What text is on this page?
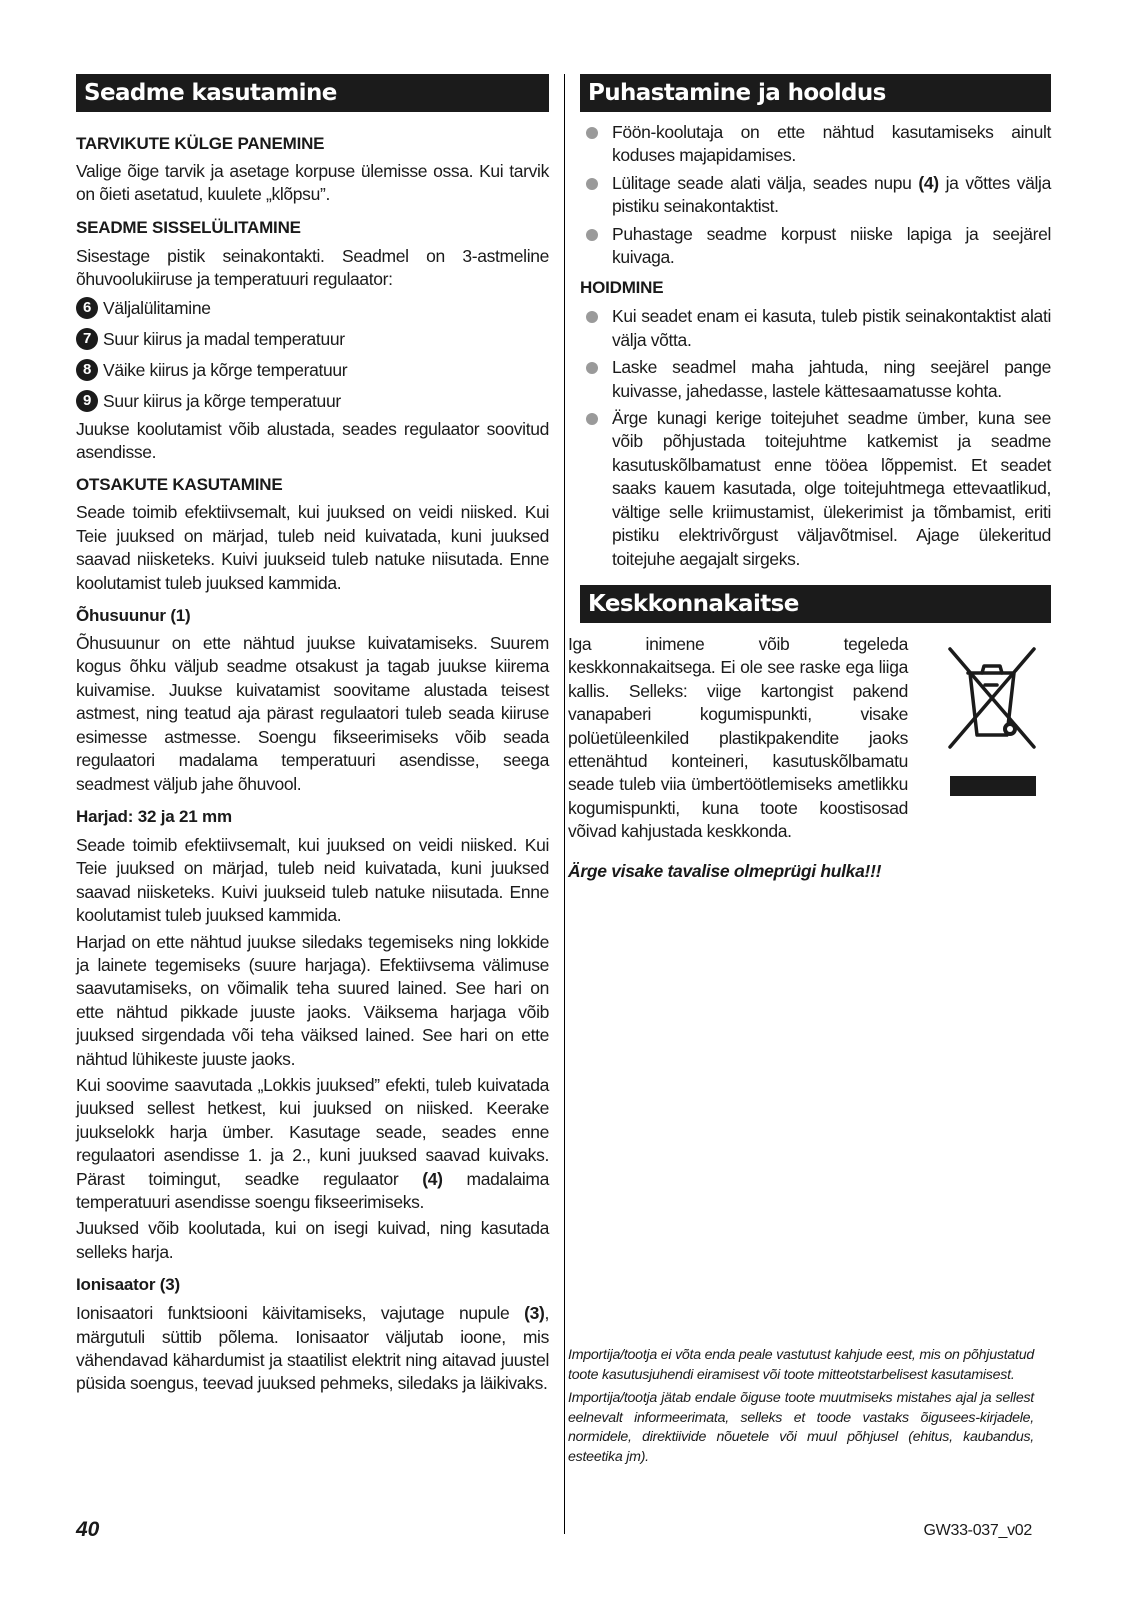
Seadme kasutamine
TARVIKUTE KÜLGE PANEMINE

Valige õige tarvik ja asetage korpuse ülemisse ossa. Kui tarvik on õieti asetatud, kuulete „klõpsu”.

SEADME SISSELÜLITAMINE

Sisestage pistik seinakontakti. Seadmel on 3-astmeline õhuvoolukiiruse ja temperatuuri regulaator:

6 Väljalülitamine
7 Suur kiirus ja madal temperatuur
8 Väike kiirus ja kõrge temperatuur
9 Suur kiirus ja kõrge temperatuur

Juukse koolutamist võib alustada, seades regulaator soovitud asendisse.

OTSAKUTE KASUTAMINE

Seade toimib efektiivsemalt, kui juuksed on veidi niisked. Kui Teie juuksed on märjad, tuleb neid kuivatada, kuni juuksed saavad niisketeks. Kuivi juukseid tuleb natuke niisutada. Enne koolutamist tuleb juuksed kammida.

Õhusuunur (1)

Õhusuunur on ette nähtud juukse kuivatamiseks. Suurem kogus õhku väljub seadme otsakust ja tagab juukse kiirema kuivamise. Juukse kuivatamist soovitame alustada teisest astmest, ning teatud aja pärast regulaatori tuleb seada kiiruse esimesse astmesse. Soengu fikseerimiseks võib seada regulaatori madalama temperatuuri asendisse, seega seadmest väljub jahe õhuvool.

Harjad: 32 ja 21 mm

Seade toimib efektiivsemalt, kui juuksed on veidi niisked. Kui Teie juuksed on märjad, tuleb neid kuivatada, kuni juuksed saavad niisketeks. Kuivi juukseid tuleb natuke niisutada. Enne koolutamist tuleb juuksed kammida.

Harjad on ette nähtud juukse siledaks tegemiseks ning lokkide ja lainete tegemiseks (suure harjaga). Efektiivsema välimuse saavutamiseks, on võimalik teha suured lained. See hari on ette nähtud pikkade juuste jaoks. Väiksema harjaga võib juuksed sirgendada või teha väiksed lained. See hari on ette nähtud lühikeste juuste jaoks.

Kui soovime saavutada „Lokkis juuksed” efekti, tuleb kuivatada juuksed sellest hetkest, kui juuksed on niisked. Keerake juukselokk harja ümber. Kasutage seade, seades enne regulaatori asendisse 1. ja 2., kuni juuksed saavad kuivaks. Pärast toimingut, seadke regulaator (4) madalaima temperatuuri asendisse soengu fikseerimiseks.

Juuksed võib koolutada, kui on isegi kuivad, ning kasutada selleks harja.

Ionisaator (3)

Ionisaatori funktsiooni käivitamiseks, vajutage nupule (3), märgutuli süttib põlema. Ionisaator väljutab ioone, mis vähendavad kähardumist ja staatilist elektrit ning aitavad juustel püsida soengus, teevad juuksed pehmeks, siledaks ja läikivaks.

Puhastamine ja hooldus
Föön-koolutaja on ette nähtud kasutamiseks ainult koduses majapidamises.
Lülitage seade alati välja, seades nupu (4) ja võttes välja pistiku seinakontaktist.
Puhastage seadme korpust niiske lapiga ja seejärel kuivaga.
HOIDMINE
Kui seadet enam ei kasuta, tuleb pistik seinakontaktist alati välja võtta.
Laske seadmel maha jahtuda, ning seejärel pange kuivasse, jahedasse, lastele kättesaamatusse kohta.
Ärge kunagi kerige toitejuhet seadme ümber, kuna see võib põhjustada toitejuhtme katkemist ja seadme kasutuskõlbamatust enne tööea lõppemist. Et seadet saaks kauem kasutada, olge toitejuhtmega ettevaatlikud, vältige selle kriimustamist, ülekerimist ja tõmbamist, eriti pistiku elektrivõrgust väljavõtmisel. Ajage ülekeritud toitejuhe aegajalt sirgeks.
Keskkonnakaitse

Iga inimene võib tegeleda keskkonnakaitsega. Ei ole see raske ega liiga kallis. Selleks: viige kartongist pakend vanapaberi kogumispunkti, visake polüetüleenkiled plastikpakendite jaoks ettenähtud konteineri, kasutuskõlbamatu seade tuleb viia ümbertöötlemiseks ametlikku kogumispunkti, kuna toote koostisosad võivad kahjustada keskkonda.

Ärge visake tavalise olmeprügi hulka!!!

Importija/tootja ei võta enda peale vastutust kahjude eest, mis on põhjustatud toote kasutusjuhendi eiramisest või toote mitteotstarbelisest kasutamisest.

Importija/tootja jätab endale õiguse toote muutmiseks mistahes ajal ja sellest eelnevalt informeerimata, selleks et toode vastaks õigusees-kirjadele, normidele, direktiivide nõuetele või muul põhjusel (ehitus, kaubandus, esteetika jm).

40	GW33-037_v02
